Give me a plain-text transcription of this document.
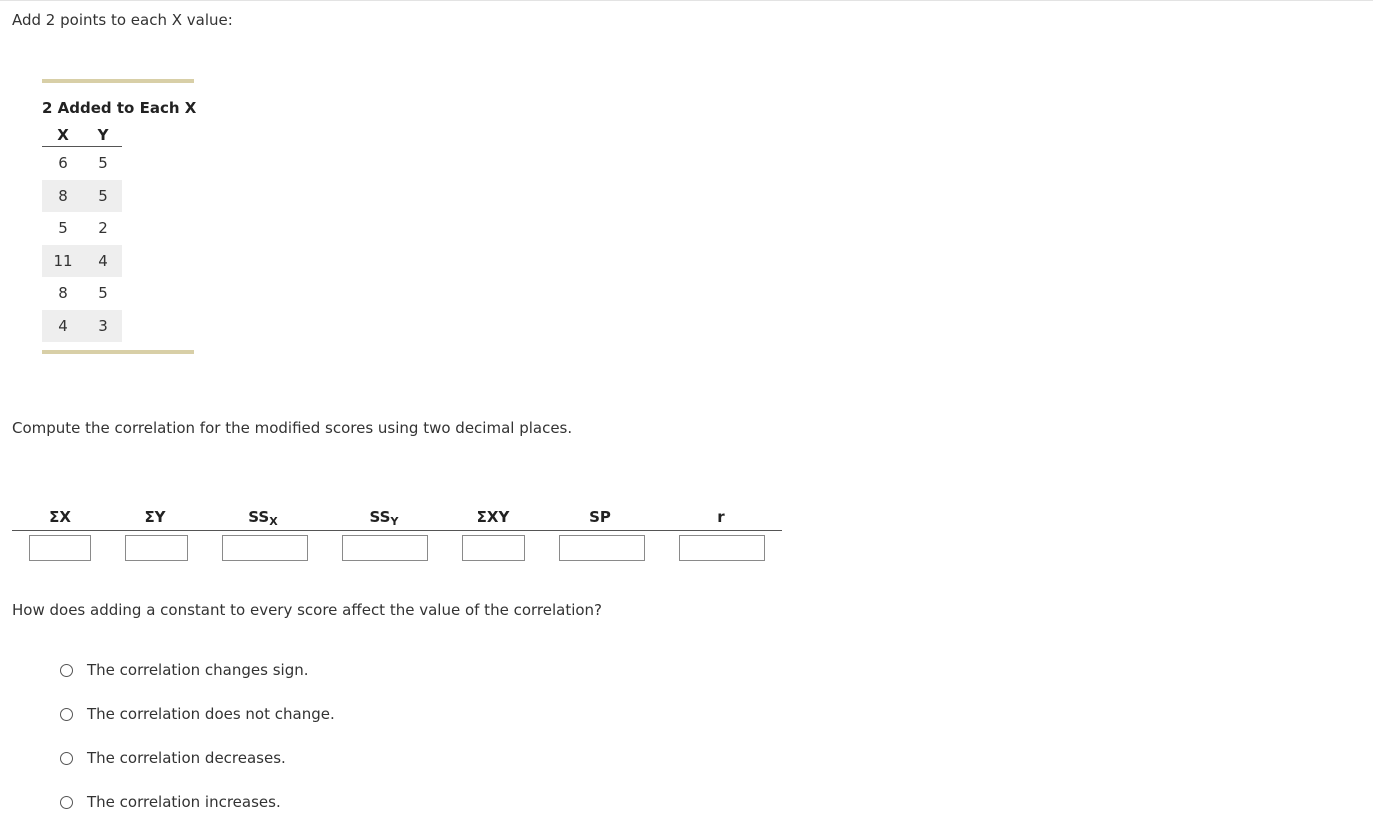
Add 2 points to each X value:
2 Added to Each X
X	Y
6	5
8	5
5	2
11	4
8	5
4	3
Compute the correlation for the modified scores using two decimal places.
ΣX	ΣY	$SS_X$	$SS_Y$	ΣXY	SP	r
How does adding a constant to every score affect the value of the correlation?
The correlation changes sign.
The correlation does not change.
The correlation decreases.
The correlation increases.
